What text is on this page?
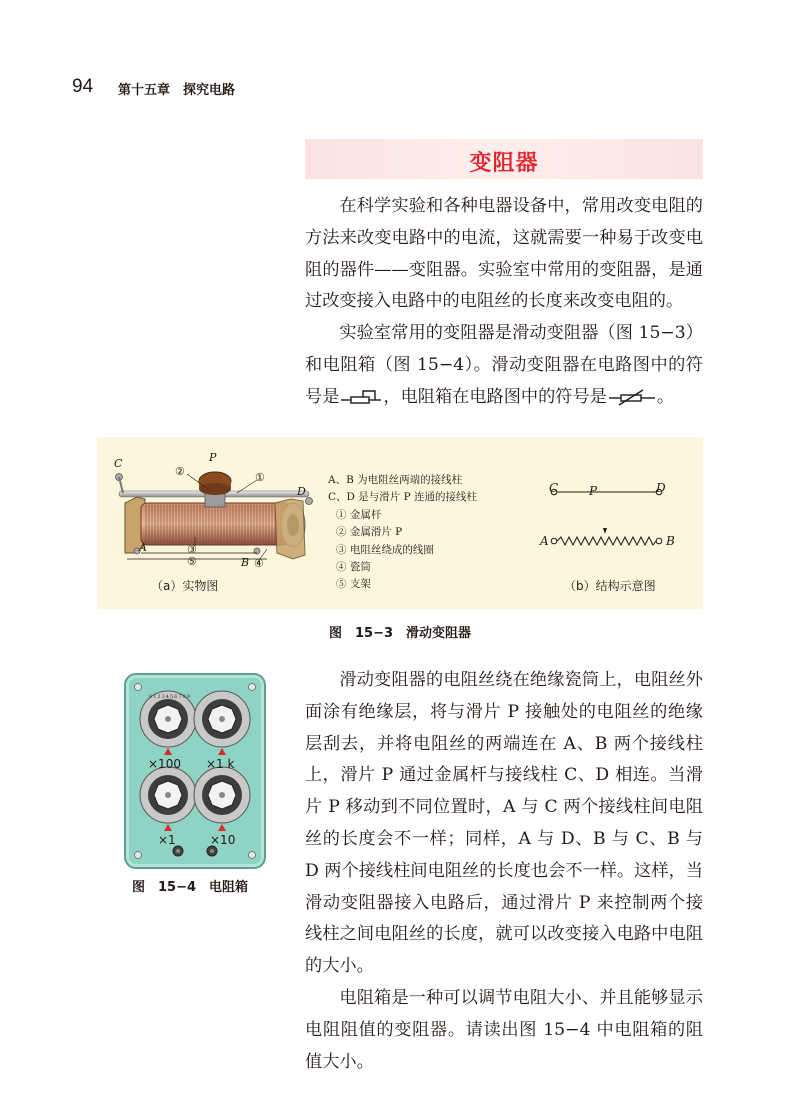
94 第十五章　探究电路
变阻器

在科学实验和各种电器设备中，常用改变电阻的方法来改变电路中的电流，这就需要一种易于改变电阻的器件——变阻器。实验室中常用的变阻器，是通过改变接入电路中的电阻丝的长度来改变电阻的。

实验室常用的变阻器是滑动变阻器（图 15−3）和电阻箱（图 15−4）。滑动变阻器在电路图中的符号是	，电阻箱在电路图中的符号是	。

C	P
D
A
B
②	①
③
⑤	④
（a）实物图
C	P	D
A	B
（b）结构示意图
A、B 为电阻丝两端的接线柱
C、D 是与滑片 P 连通的接线柱
① 金属杆
② 金属滑片 P
③ 电阻丝绕成的线圈
④ 瓷筒
⑤ 支架
图　15−3　滑动变阻器
×100 ×1 k
×1	×10
0123456789
图　15−4　电阻箱

滑动变阻器的电阻丝绕在绝缘瓷筒上，电阻丝外面涂有绝缘层，将与滑片 P 接触处的电阻丝的绝缘层刮去，并将电阻丝的两端连在 A、B 两个接线柱上，滑片 P 通过金属杆与接线柱 C、D 相连。当滑片 P 移动到不同位置时，A 与 C 两个接线柱间电阻丝的长度会不一样；同样，A 与 D、B 与 C、B 与 D 两个接线柱间电阻丝的长度也会不一样。这样，当滑动变阻器接入电路后，通过滑片 P 来控制两个接线柱之间电阻丝的长度，就可以改变接入电路中电阻的大小。

电阻箱是一种可以调节电阻大小、并且能够显示电阻阻值的变阻器。请读出图 15−4 中电阻箱的阻值大小。
